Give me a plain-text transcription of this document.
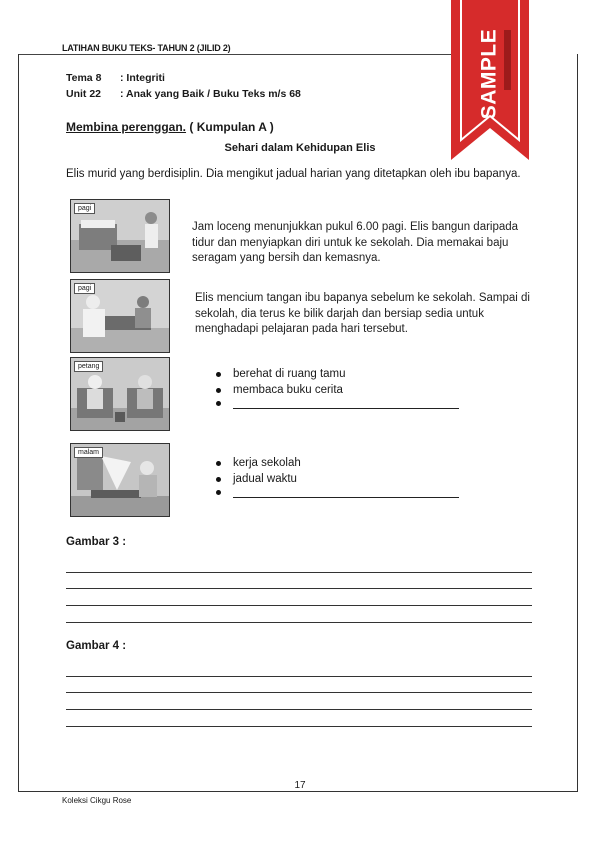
LATIHAN BUKU TEKS- TAHUN 2 (JILID 2)	SAMPLE
Tema 8 : Integriti
Unit 22 : Anak yang Baik / Buku Teks m/s 68
Membina perenggan. ( Kumpulan A )
Sehari dalam Kehidupan Elis
Elis murid yang berdisiplin. Dia mengikut jadual harian yang ditetapkan oleh ibu bapanya.
pagi
Jam loceng menunjukkan pukul 6.00 pagi. Elis bangun daripada tidur dan menyiapkan diri untuk ke sekolah. Dia memakai baju seragam yang bersih dan kemasnya.
pagi
Elis mencium tangan ibu bapanya sebelum ke sekolah. Sampai di sekolah, dia terus ke bilik darjah dan bersiap sedia untuk menghadapi pelajaran pada hari tersebut.
petang
berehat di ruang tamu
membaca buku cerita
malam
kerja sekolah
jadual waktu
Gambar 3 :
Gambar 4 :
17
Koleksi Cikgu Rose
